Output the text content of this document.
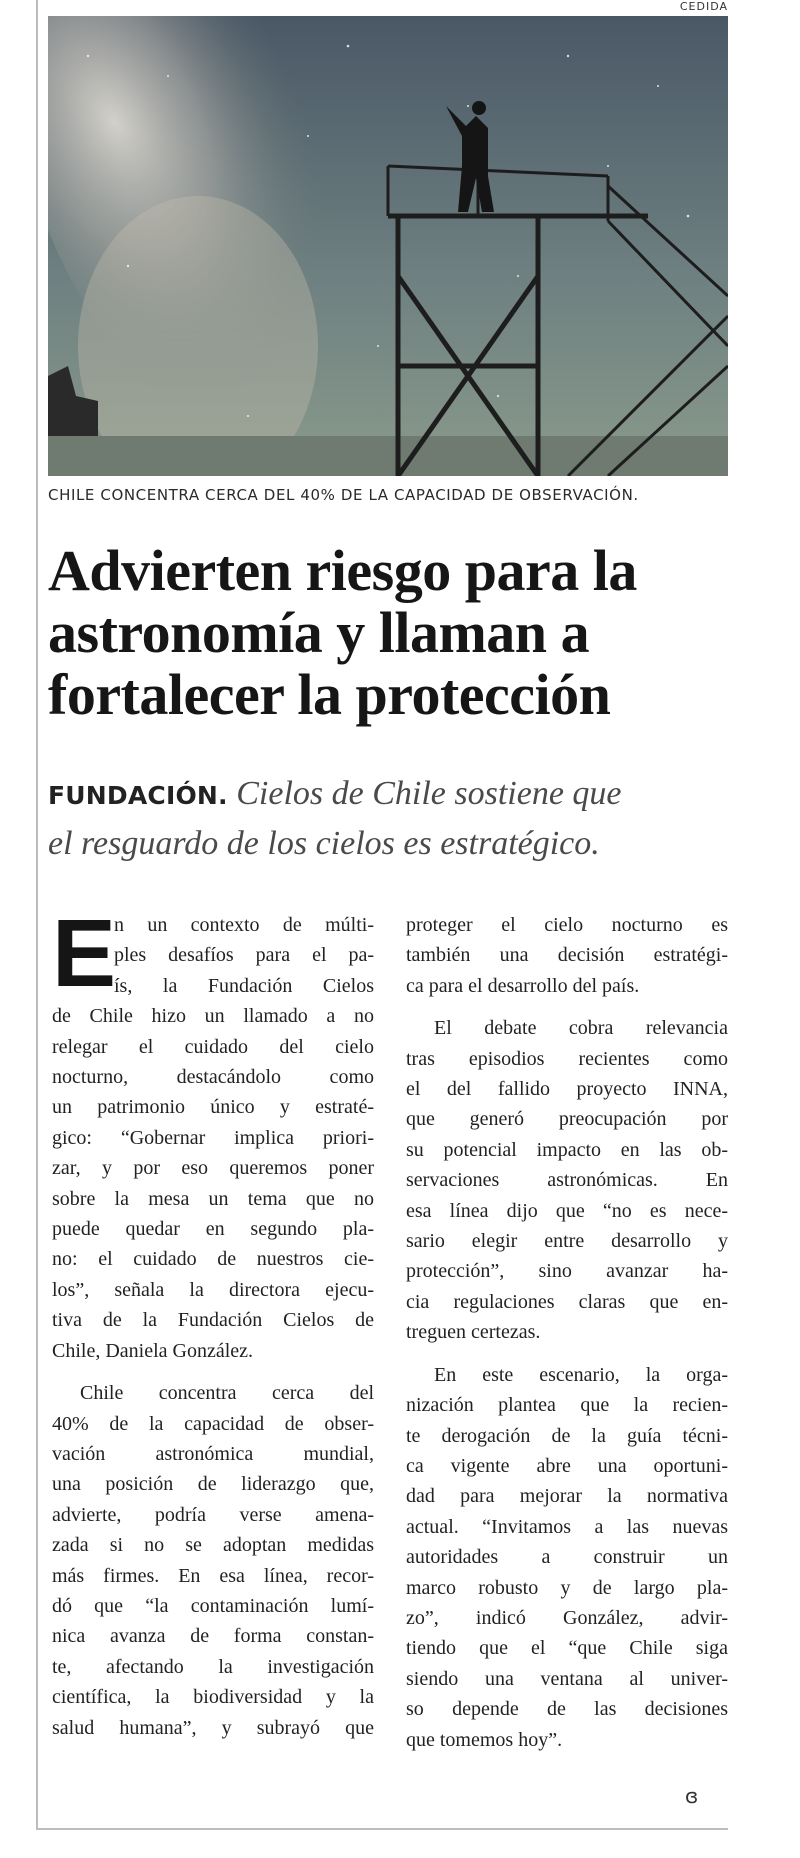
CEDIDA
CHILE CONCENTRA CERCA DEL 40% DE LA CAPACIDAD DE OBSERVACIÓN.
Advierten riesgo para la
astronomía y llaman a
fortalecer la protección
FUNDACIÓN. Cielos de Chile sostiene que
el resguardo de los cielos es estratégico.
E
n un contexto de múlti-
ples desafíos para el pa-
ís, la Fundación Cielos
de Chile hizo un llamado a no
relegar el cuidado del cielo
nocturno, destacándolo como
un patrimonio único y estraté-
gico: “Gobernar implica priori-
zar, y por eso queremos poner
sobre la mesa un tema que no
puede quedar en segundo pla-
no: el cuidado de nuestros cie-
los”, señala la directora ejecu-
tiva de la Fundación Cielos de
Chile, Daniela González.
Chile concentra cerca del
40% de la capacidad de obser-
vación astronómica mundial,
una posición de liderazgo que,
advierte, podría verse amena-
zada si no se adoptan medidas
más firmes. En esa línea, recor-
dó que “la contaminación lumí-
nica avanza de forma constan-
te, afectando la investigación
científica, la biodiversidad y la
salud humana”, y subrayó que
proteger el cielo nocturno es
también una decisión estratégi-
ca para el desarrollo del país.
El debate cobra relevancia
tras episodios recientes como
el del fallido proyecto INNA,
que generó preocupación por
su potencial impacto en las ob-
servaciones astronómicas. En
esa línea dijo que “no es nece-
sario elegir entre desarrollo y
protección”, sino avanzar ha-
cia regulaciones claras que en-
treguen certezas.
En este escenario, la orga-
nización plantea que la recien-
te derogación de la guía técni-
ca vigente abre una oportuni-
dad para mejorar la normativa
actual. “Invitamos a las nuevas
autoridades a construir un
marco robusto y de largo pla-
zo”, indicó González, advir-
tiendo que el “que Chile siga
siendo una ventana al univer-
so depende de las decisiones
que tomemos hoy”.
ɞ
